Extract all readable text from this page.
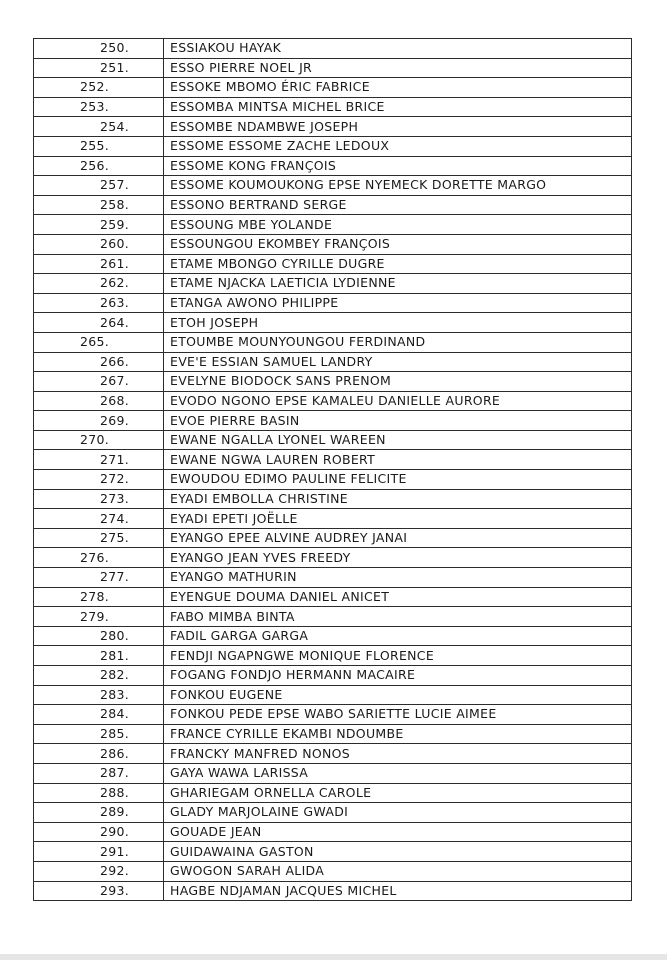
250.	ESSIAKOU HAYAK
251.	ESSO PIERRE NOEL JR
252.	ESSOKE MBOMO ÉRIC FABRICE
253.	ESSOMBA MINTSA MICHEL BRICE
254.	ESSOMBE NDAMBWE JOSEPH
255.	ESSOME ESSOME ZACHE LEDOUX
256.	ESSOME KONG FRANÇOIS
257.	ESSOME KOUMOUKONG EPSE NYEMECK DORETTE MARGO
258.	ESSONO BERTRAND SERGE
259.	ESSOUNG MBE YOLANDE
260.	ESSOUNGOU EKOMBEY FRANÇOIS
261.	ETAME MBONGO CYRILLE DUGRE
262.	ETAME NJACKA LAETICIA LYDIENNE
263.	ETANGA AWONO PHILIPPE
264.	ETOH JOSEPH
265.	ETOUMBE MOUNYOUNGOU FERDINAND
266.	EVE'E ESSIAN SAMUEL LANDRY
267.	EVELYNE BIODOCK SANS PRENOM
268.	EVODO NGONO EPSE KAMALEU DANIELLE AURORE
269.	EVOE PIERRE BASIN
270.	EWANE NGALLA LYONEL WAREEN
271.	EWANE NGWA LAUREN ROBERT
272.	EWOUDOU EDIMO PAULINE FELICITE
273.	EYADI EMBOLLA CHRISTINE
274.	EYADI EPETI JOËLLE
275.	EYANGO EPEE ALVINE AUDREY JANAI
276.	EYANGO JEAN YVES FREEDY
277.	EYANGO MATHURIN
278.	EYENGUE DOUMA DANIEL ANICET
279.	FABO MIMBA BINTA
280.	FADIL GARGA GARGA
281.	FENDJI NGAPNGWE MONIQUE FLORENCE
282.	FOGANG FONDJO HERMANN MACAIRE
283.	FONKOU EUGENE
284.	FONKOU PEDE EPSE WABO SARIETTE LUCIE AIMEE
285.	FRANCE CYRILLE EKAMBI NDOUMBE
286.	FRANCKY MANFRED NONOS
287.	GAYA WAWA LARISSA
288.	GHARIEGAM ORNELLA CAROLE
289.	GLADY MARJOLAINE GWADI
290.	GOUADE JEAN
291.	GUIDAWAINA GASTON
292.	GWOGON SARAH ALIDA
293.	HAGBE NDJAMAN JACQUES MICHEL
